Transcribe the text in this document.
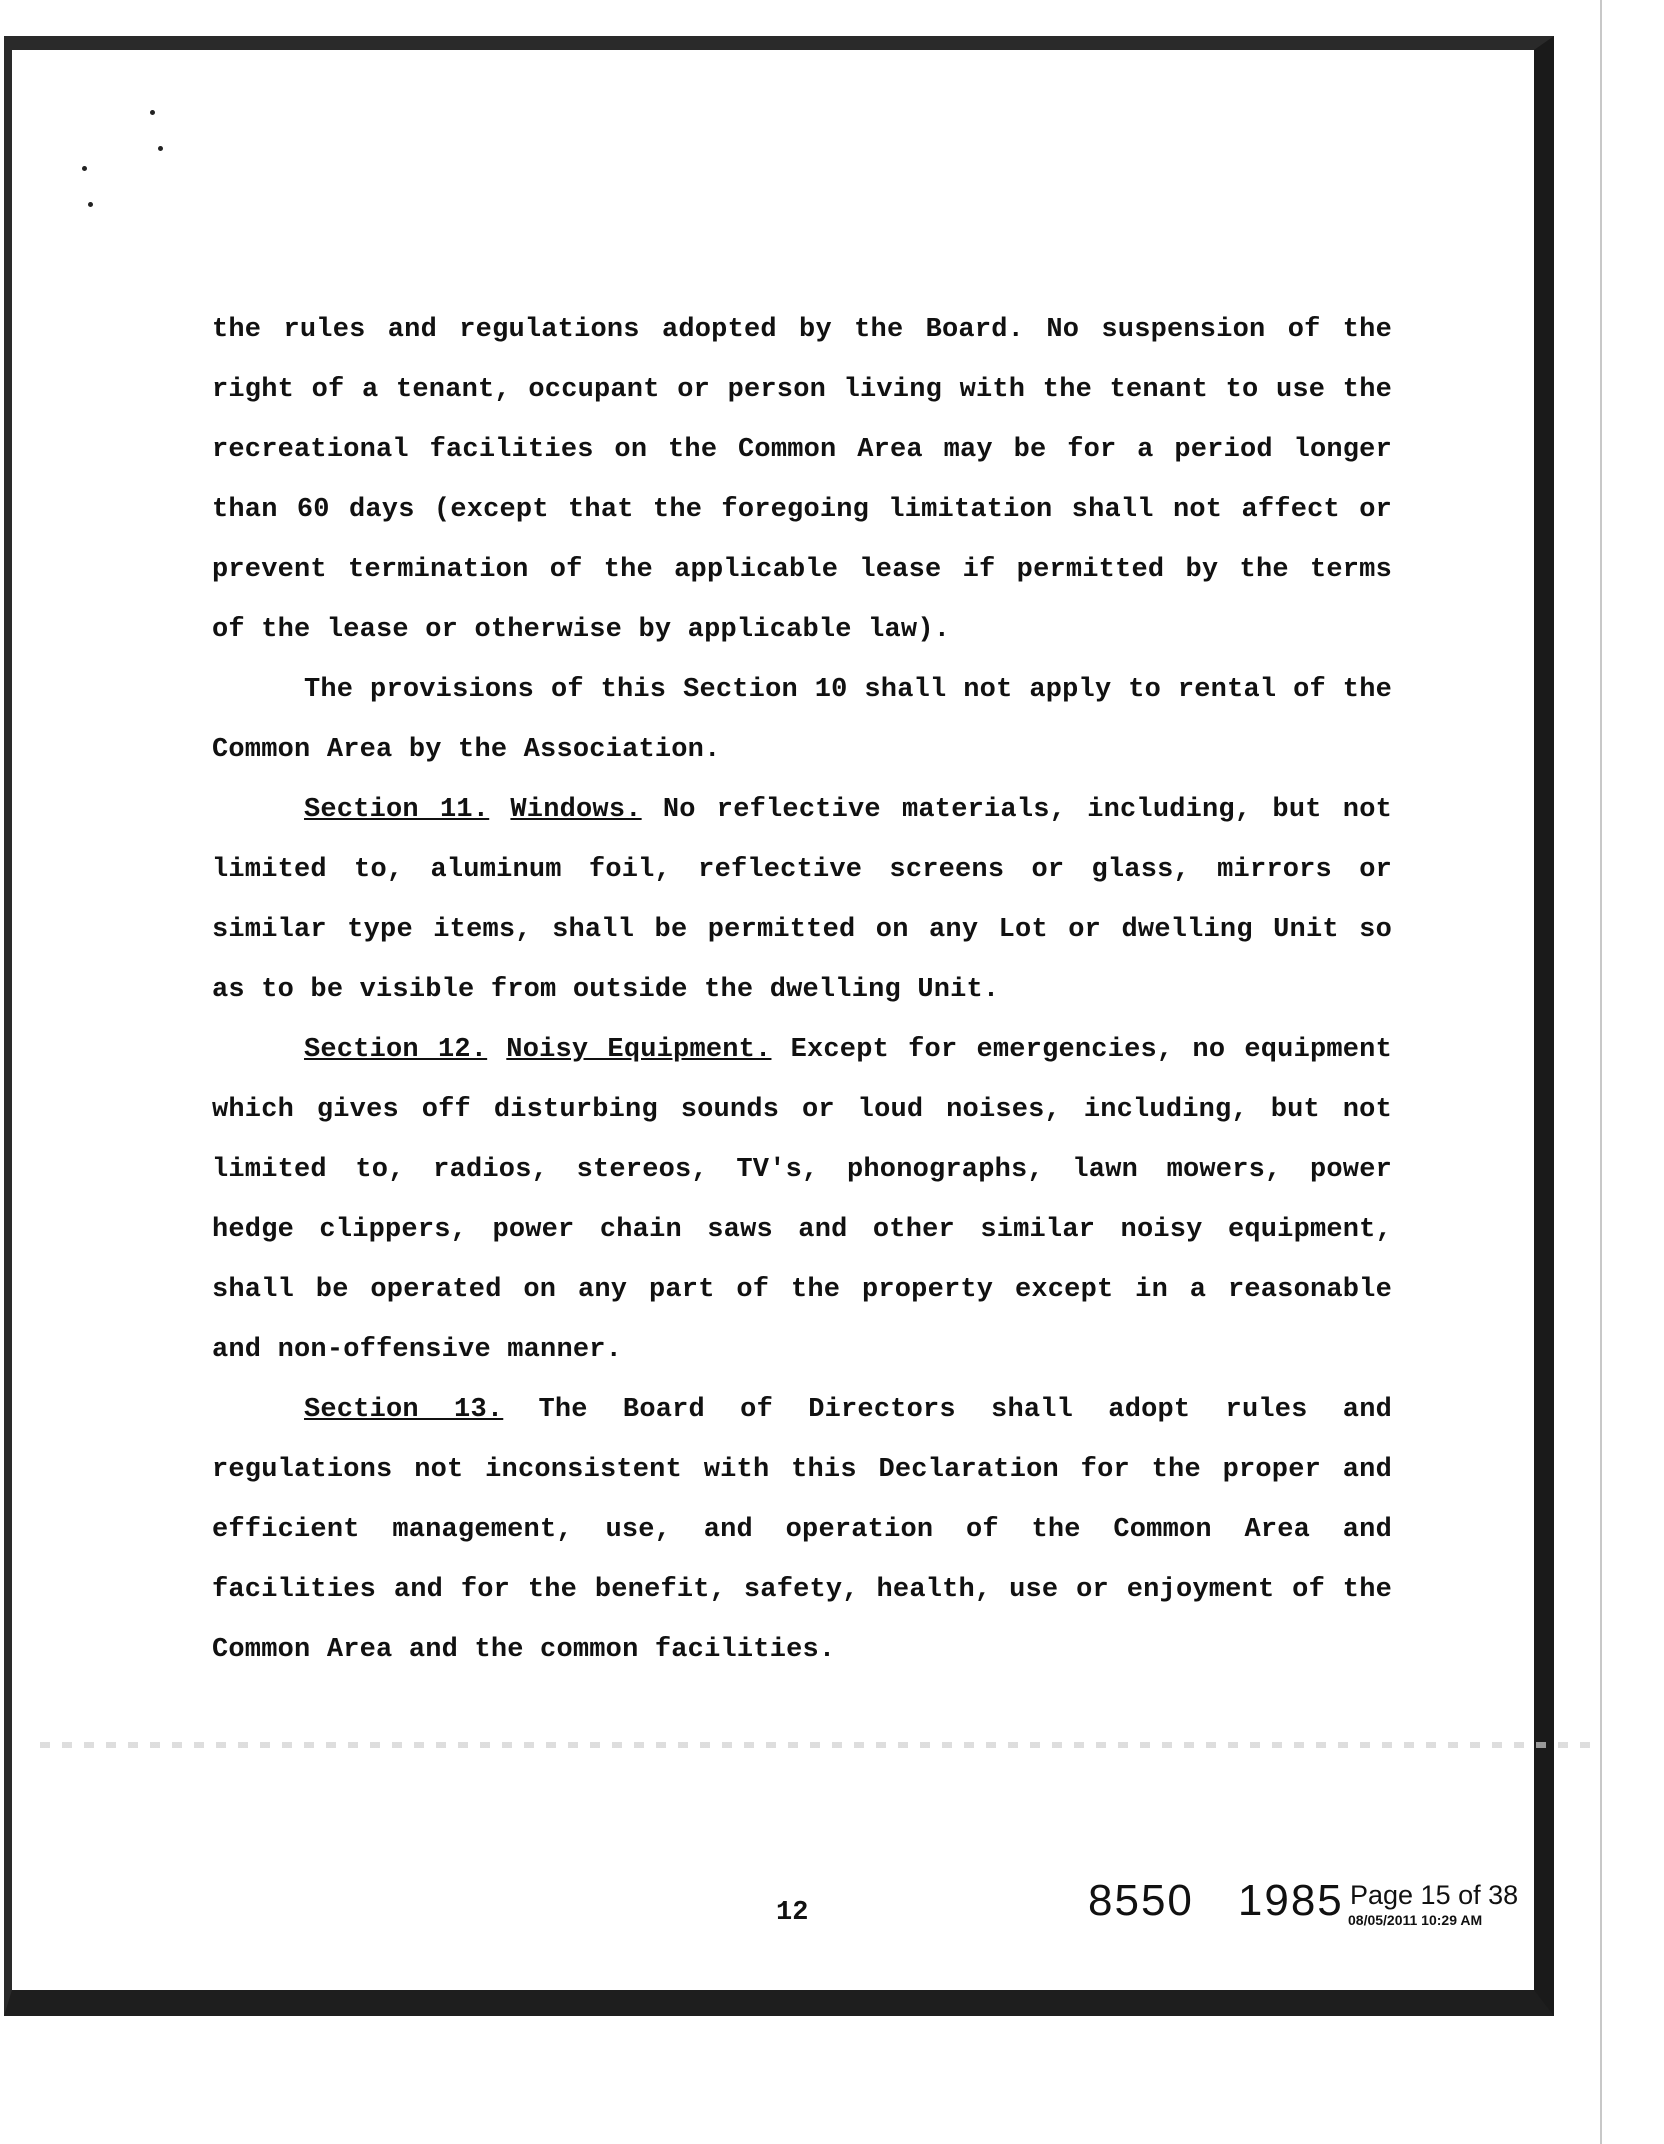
the rules and regulations adopted by the Board. No suspension of the right of a tenant, occupant or person living with the tenant to use the recreational facilities on the Common Area may be for a period longer than 60 days (except that the foregoing limitation shall not affect or prevent termination of the applicable lease if permitted by the terms of the lease or otherwise by applicable law).

The provisions of this Section 10 shall not apply to rental of the Common Area by the Association.

Section 11. Windows. No reflective materials, including, but not limited to, aluminum foil, reflective screens or glass, mirrors or similar type items, shall be permitted on any Lot or dwelling Unit so as to be visible from outside the dwelling Unit.

Section 12. Noisy Equipment. Except for emergencies, no equipment which gives off disturbing sounds or loud noises, including, but not limited to, radios, stereos, TV's, phonographs, lawn mowers, power hedge clippers, power chain saws and other similar noisy equipment, shall be operated on any part of the property except in a reasonable and non-offensive manner.

Section 13. The Board of Directors shall adopt rules and regulations not inconsistent with this Declaration for the proper and efficient management, use, and operation of the Common Area and facilities and for the benefit, safety, health, use or enjoyment of the Common Area and the common facilities.

12	8550 1985 Page 15 of 38
08/05/2011 10:29 AM
